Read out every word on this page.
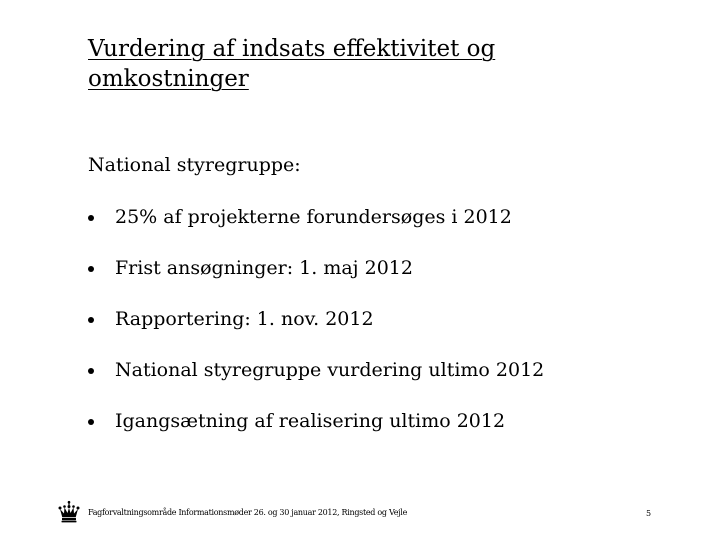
Vurdering af indsats effektivitet og
omkostninger
National styregruppe:
25% af projekterne forundersøges i 2012
Frist ansøgninger: 1. maj 2012
Rapportering: 1. nov. 2012
National styregruppe vurdering ultimo 2012
Igangsætning af realisering ultimo 2012
Fagforvaltningsområde Informationsmøder 26. og 30 januar 2012, Ringsted og Vejle	5
